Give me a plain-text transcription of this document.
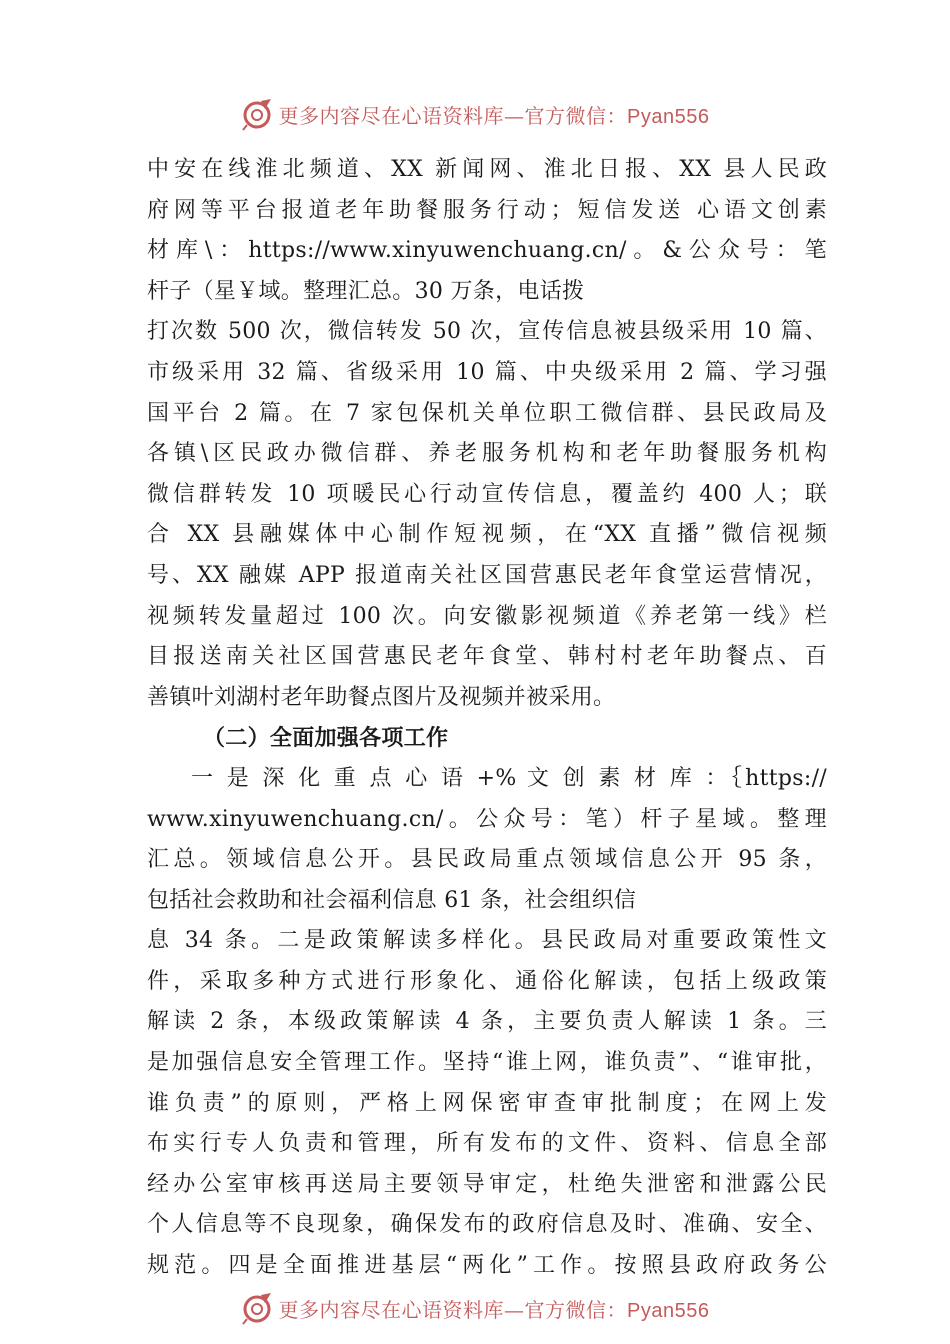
更多内容尽在心语资料库—官方微信：Pyan556
中安在线淮北频道、XX 新闻网、淮北日报、XX 县人民政
府网等平台报道老年助餐服务行动；短信发送 心语文创素
材库\：https://www.xinyuwenchuang.cn/。&公众号：笔
杆子（星￥域。整理汇总。30 万条，电话拨
打次数 500 次，微信转发 50 次，宣传信息被县级采用 10 篇、
市级采用 32 篇、省级采用 10 篇、中央级采用 2 篇、学习强
国平台 2 篇。在 7 家包保机关单位职工微信群、县民政局及
各镇\区民政办微信群、养老服务机构和老年助餐服务机构
微信群转发 10 项暖民心行动宣传信息，覆盖约 400 人；联
合 XX 县融媒体中心制作短视频，在“XX 直播”微信视频
号、XX 融媒 APP 报道南关社区国营惠民老年食堂运营情况，
视频转发量超过 100 次。向安徽影视频道《养老第一线》栏
目报送南关社区国营惠民老年食堂、韩村村老年助餐点、百
善镇叶刘湖村老年助餐点图片及视频并被采用。
（二）全面加强各项工作
一 是 深 化 重 点 心 语 +% 文 创 素 材 库 ：｛https://
www.xinyuwenchuang.cn/。公众号：笔）杆子星域。整理
汇总。领域信息公开。县民政局重点领域信息公开 95 条，
包括社会救助和社会福利信息 61 条，社会组织信
息 34 条。二是政策解读多样化。县民政局对重要政策性文
件，采取多种方式进行形象化、通俗化解读，包括上级政策
解读 2 条，本级政策解读 4 条，主要负责人解读 1 条。三
是加强信息安全管理工作。坚持“谁上网，谁负责”、“谁审批，
谁负责”的原则，严格上网保密审查审批制度；在网上发
布实行专人负责和管理，所有发布的文件、资料、信息全部
经办公室审核再送局主要领导审定，杜绝失泄密和泄露公民
个人信息等不良现象，确保发布的政府信息及时、准确、安全、
规范。四是全面推进基层“两化”工作。按照县政府政务公
更多内容尽在心语资料库—官方微信：Pyan556
